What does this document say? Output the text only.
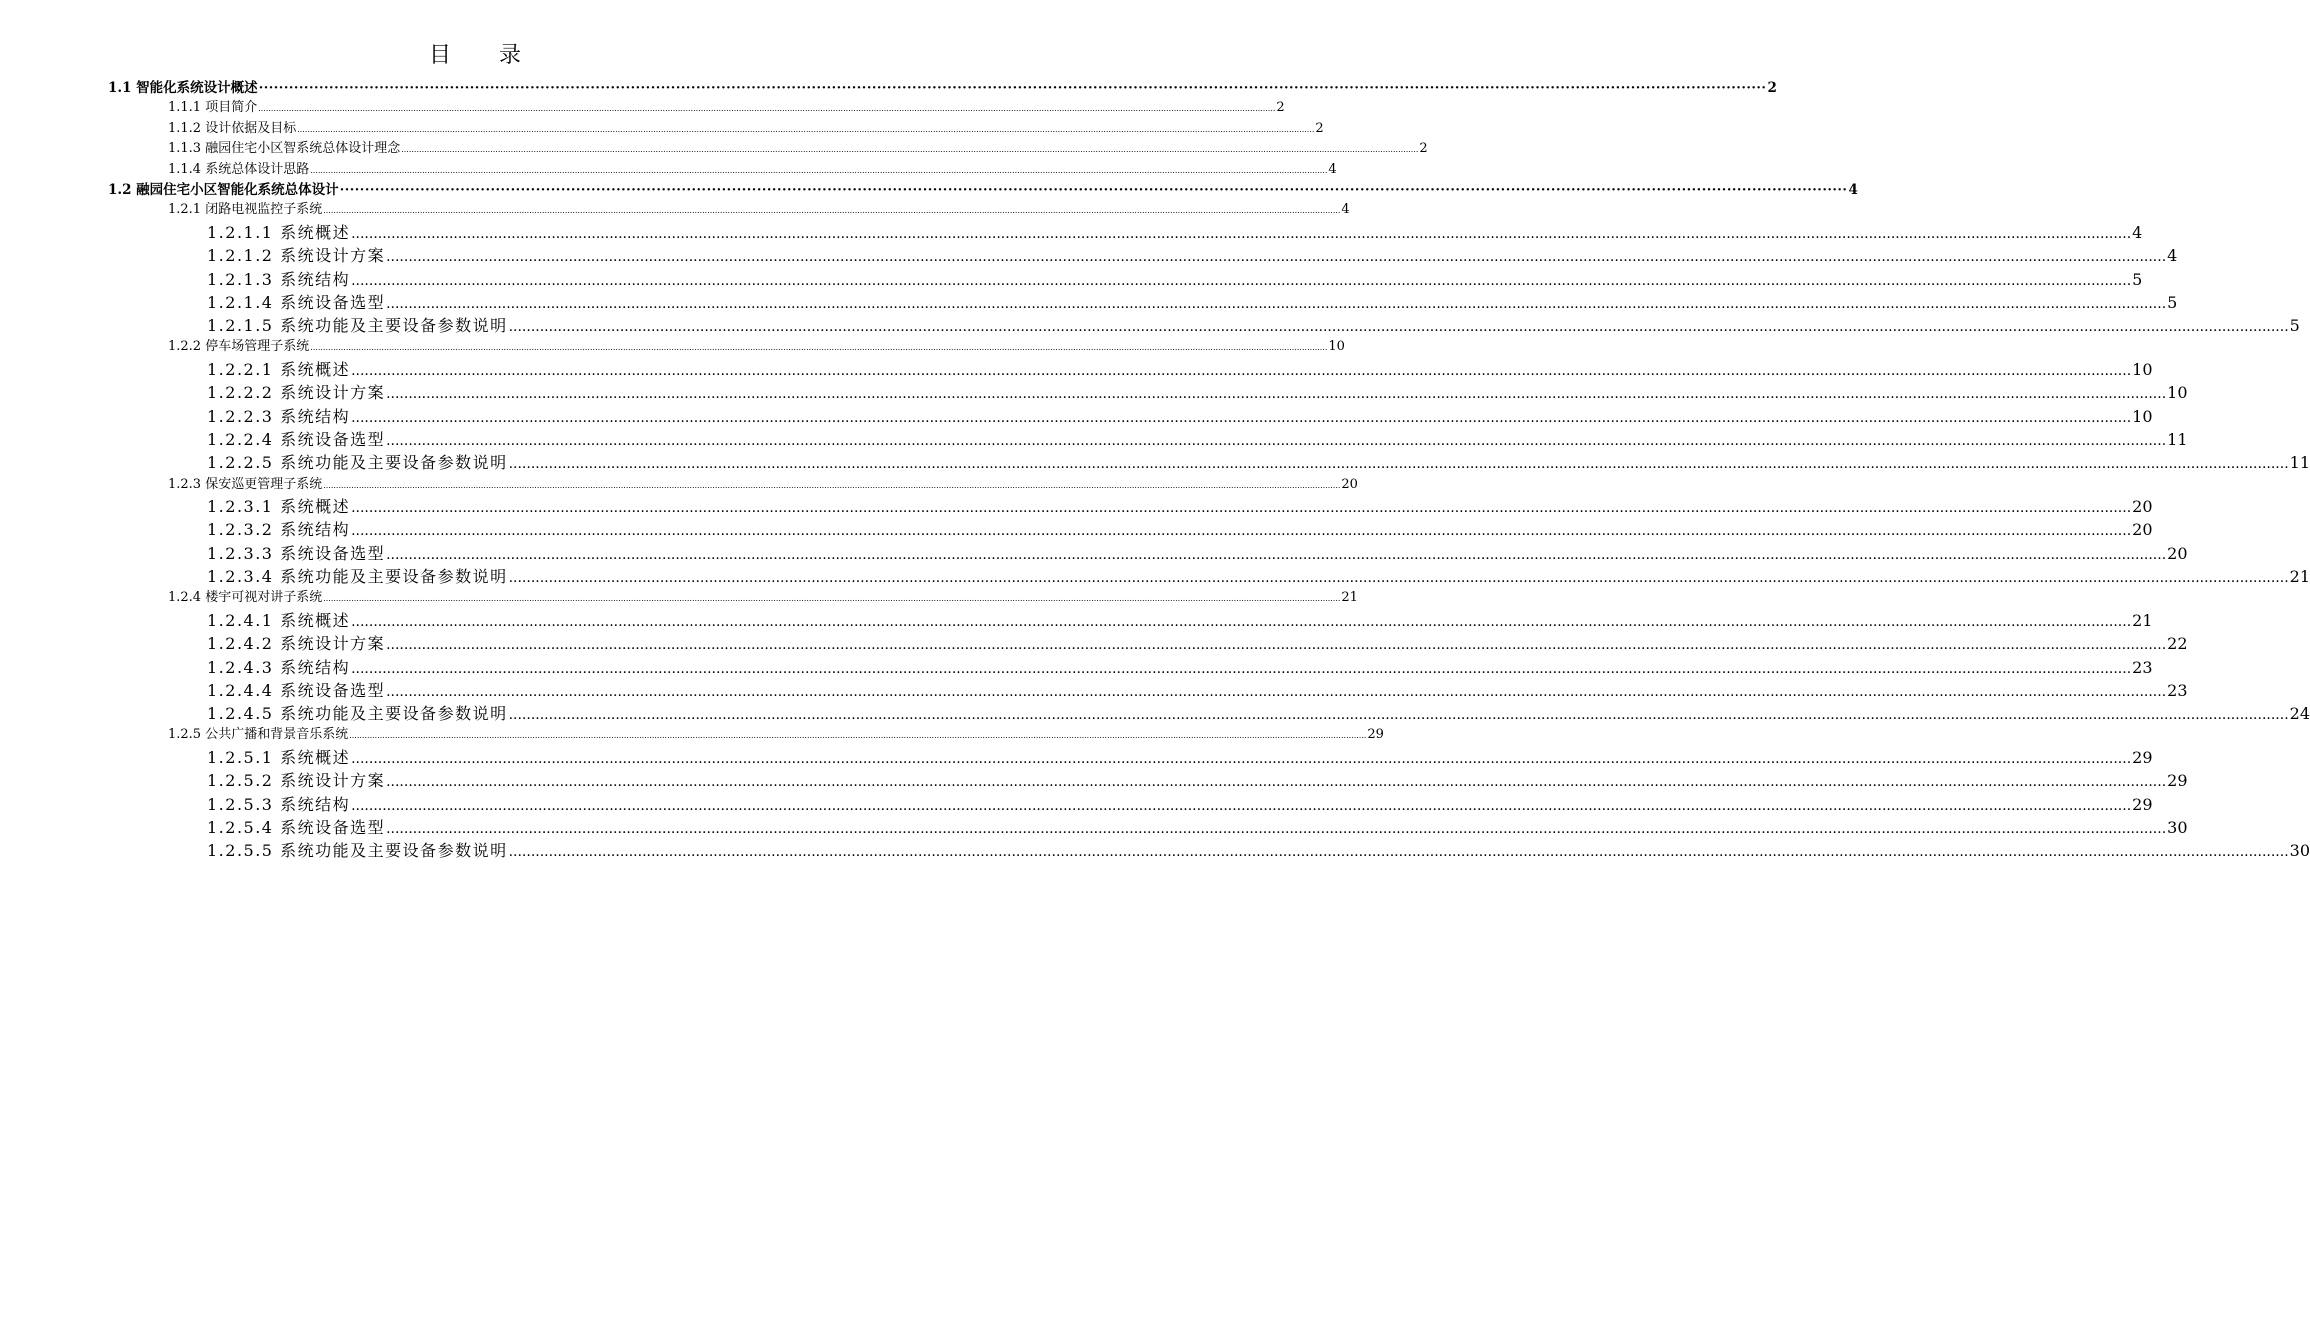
目 录
1.1 智能化系统设计概述 ············································································································································································································································································································ 2
1.1.1 项目简介 ................................................................................................................................................................................................................................................................................................................................................................................................................ 2
1.1.2 设计依据及目标 ................................................................................................................................................................................................................................................................................................................................................................................................................ 2
1.1.3 融园住宅小区智系统总体设计理念 ................................................................................................................................................................................................................................................................................................................................................................................................................ 2
1.1.4 系统总体设计思路 ................................................................................................................................................................................................................................................................................................................................................................................................................ 4
1.2 融园住宅小区智能化系统总体设计 ············································································································································································································································································································ 4
1.2.1 闭路电视监控子系统 ................................................................................................................................................................................................................................................................................................................................................................................................................ 4
1.2.1.1 系统概述 ................................................................................................................................................................................................................................................................................................................................................................................................................ 4
1.2.1.2 系统设计方案 ................................................................................................................................................................................................................................................................................................................................................................................................................ 4
1.2.1.3 系统结构 ................................................................................................................................................................................................................................................................................................................................................................................................................ 5
1.2.1.4 系统设备选型 ................................................................................................................................................................................................................................................................................................................................................................................................................ 5
1.2.1.5 系统功能及主要设备参数说明 ................................................................................................................................................................................................................................................................................................................................................................................................................ 5
1.2.2 停车场管理子系统 ................................................................................................................................................................................................................................................................................................................................................................................................................ 10
1.2.2.1 系统概述 ................................................................................................................................................................................................................................................................................................................................................................................................................ 10
1.2.2.2 系统设计方案 ................................................................................................................................................................................................................................................................................................................................................................................................................ 10
1.2.2.3 系统结构 ................................................................................................................................................................................................................................................................................................................................................................................................................ 10
1.2.2.4 系统设备选型 ................................................................................................................................................................................................................................................................................................................................................................................................................ 11
1.2.2.5 系统功能及主要设备参数说明 ................................................................................................................................................................................................................................................................................................................................................................................................................ 11
1.2.3 保安巡更管理子系统 ................................................................................................................................................................................................................................................................................................................................................................................................................ 20
1.2.3.1 系统概述 ................................................................................................................................................................................................................................................................................................................................................................................................................ 20
1.2.3.2 系统结构 ................................................................................................................................................................................................................................................................................................................................................................................................................ 20
1.2.3.3 系统设备选型 ................................................................................................................................................................................................................................................................................................................................................................................................................ 20
1.2.3.4 系统功能及主要设备参数说明 ................................................................................................................................................................................................................................................................................................................................................................................................................ 21
1.2.4 楼宇可视对讲子系统 ................................................................................................................................................................................................................................................................................................................................................................................................................ 21
1.2.4.1 系统概述 ................................................................................................................................................................................................................................................................................................................................................................................................................ 21
1.2.4.2 系统设计方案 ................................................................................................................................................................................................................................................................................................................................................................................................................ 22
1.2.4.3 系统结构 ................................................................................................................................................................................................................................................................................................................................................................................................................ 23
1.2.4.4 系统设备选型 ................................................................................................................................................................................................................................................................................................................................................................................................................ 23
1.2.4.5 系统功能及主要设备参数说明 ................................................................................................................................................................................................................................................................................................................................................................................................................ 24
1.2.5 公共广播和背景音乐系统 ................................................................................................................................................................................................................................................................................................................................................................................................................ 29
1.2.5.1 系统概述 ................................................................................................................................................................................................................................................................................................................................................................................................................ 29
1.2.5.2 系统设计方案 ................................................................................................................................................................................................................................................................................................................................................................................................................ 29
1.2.5.3 系统结构 ................................................................................................................................................................................................................................................................................................................................................................................................................ 29
1.2.5.4 系统设备选型 ................................................................................................................................................................................................................................................................................................................................................................................................................ 30
1.2.5.5 系统功能及主要设备参数说明 ................................................................................................................................................................................................................................................................................................................................................................................................................ 30
